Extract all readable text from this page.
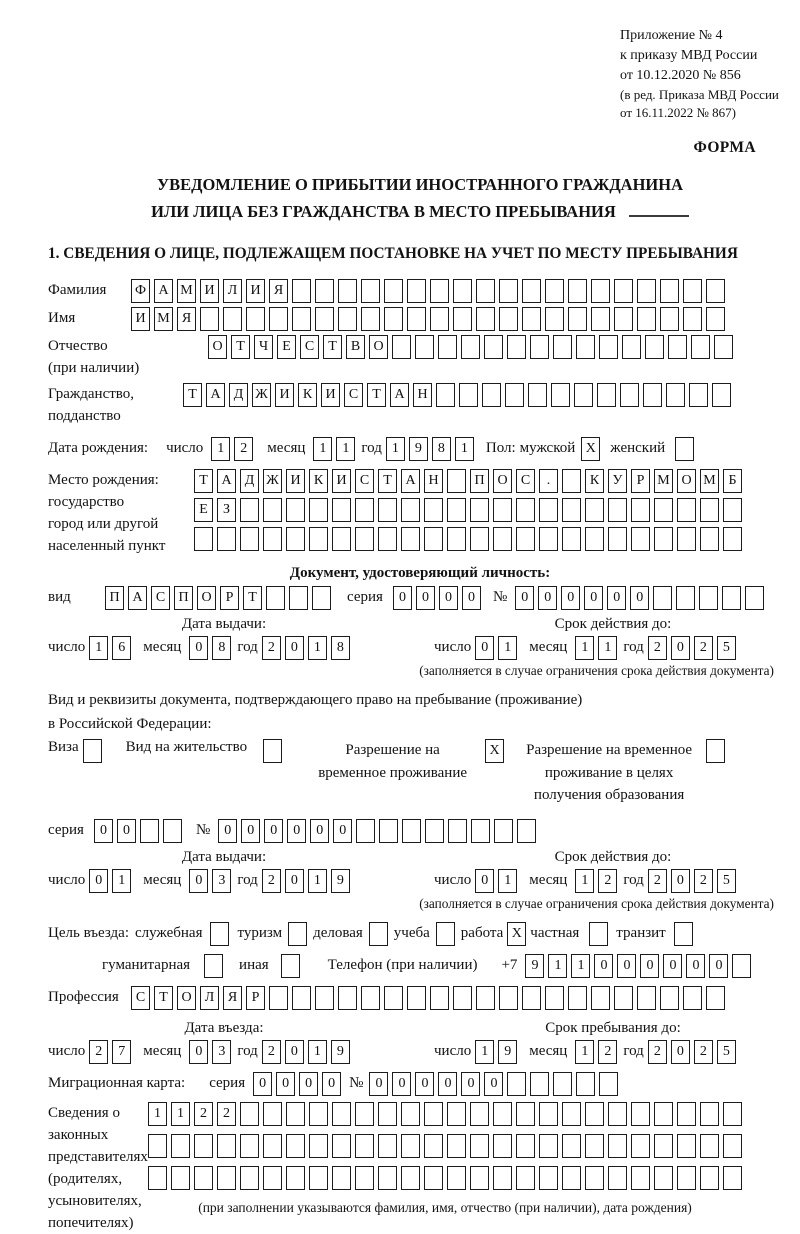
Приложение № 4
к приказу МВД России
от 10.12.2020 № 856
(в ред. Приказа МВД России
от 16.11.2022 № 867)
ФОРМА
УВЕДОМЛЕНИЕ О ПРИБЫТИИ ИНОСТРАННОГО ГРАЖДАНИНА
ИЛИ ЛИЦА БЕЗ ГРАЖДАНСТВА В МЕСТО ПРЕБЫВАНИЯ
1. СВЕДЕНИЯ О ЛИЦЕ, ПОДЛЕЖАЩЕМ ПОСТАНОВКЕ НА УЧЕТ ПО МЕСТУ ПРЕБЫВАНИЯ
Фамилия	Ф А М И Л И Я
Имя	И М Я
Отчество
(при наличии)
О Т	Ч	Е	С	Т	В О
Гражданство,
подданство
Т А Д Ж И К И С	Т А Н
Дата рождения: число	1	2	месяц	1	1 год 1	9	8	1	Пол: мужской X женский
Место рождения:
государство
город или другой
населенный пункт
Т А Д Ж И К И С	Т А Н	П О С	.	К У	Р М О М Б
Е	З
Документ, удостоверяющий личность:
вид	П А С П О	Р	Т	серия	0	0	0	0	№	0	0	0	0	0	0
Дата выдачи:
число 1	6	месяц	0	8 год 2	0	1	8
Срок действия до:
число 0	1	месяц	1	1 год 2	0	2	5
(заполняется в случае ограничения срока действия документа)
Вид и реквизиты документа, подтверждающего право на пребывание (проживание)
в Российской Федерации:
Виза	Вид на жительство	Разрешение на временное проживание
X	Разрешение на временное проживание в целях получения образования
серия	0	0	№	0	0	0	0	0	0
Дата выдачи:
число 0	1	месяц	0	3 год 2	0	1	9
Срок действия до:
число 0	1	месяц	1	2 год 2	0	2	5
(заполняется в случае ограничения срока действия документа)
Цель въезда: служебная туризм деловая учеба работа X частная транзит
гуманитарная	иная	Телефон (при наличии) +7	9	1	1	0	0	0	0	0	0
Профессия	С	Т О Л Я	Р
Дата въезда:
число 2	7	месяц	0	3 год 2	0	1	9
Срок пребывания до:
число 1	9	месяц	1	2 год 2	0	2	5
Миграционная карта: серия	0	0	0	0 № 0	0	0	0	0	0
Сведения о
законных
представителях
(родителях,
усыновителях,
попечителях)
1	1	2	2
(при заполнении указываются фамилия, имя, отчество (при наличии), дата рождения)
